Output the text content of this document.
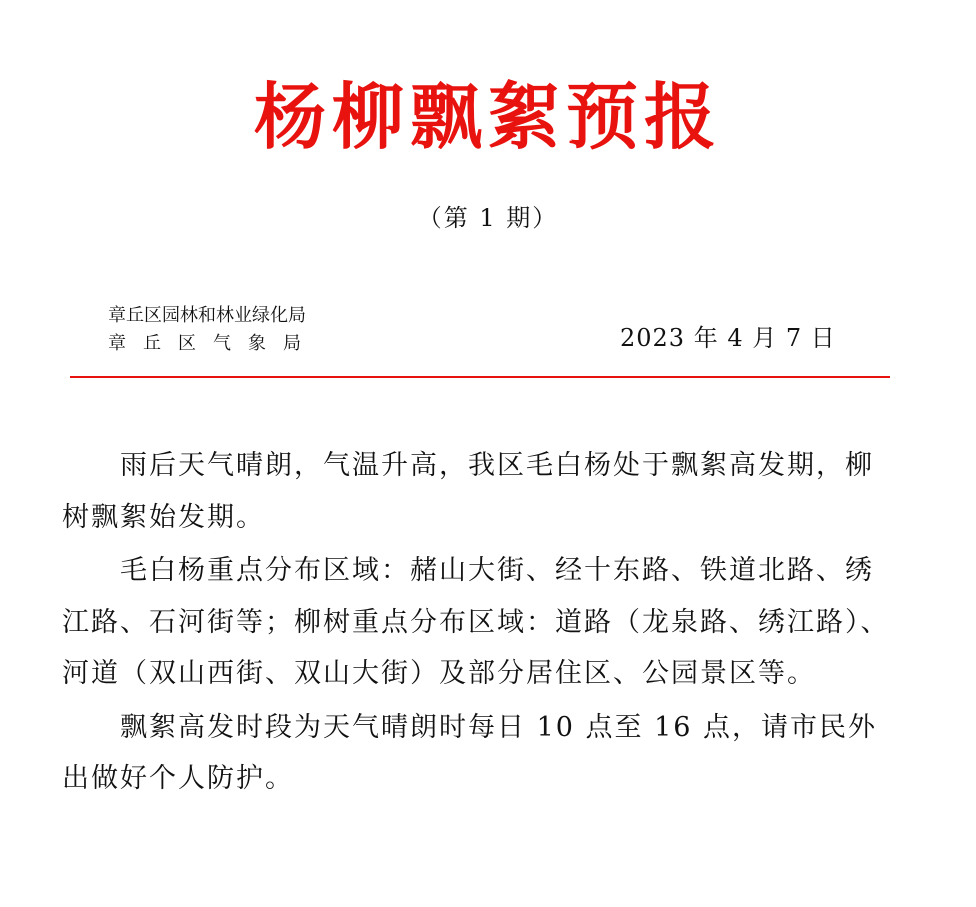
杨柳飘絮预报
（第 1 期）
章丘区园林和林业绿化局
章丘区气象局	2023 年 4 月 7 日

雨后天气晴朗，气温升高，我区毛白杨处于飘絮高发期，柳树飘絮始发期。

毛白杨重点分布区域：赭山大街、经十东路、铁道北路、绣江路、石河街等；柳树重点分布区域：道路（龙泉路、绣江路）、河道（双山西街、双山大街）及部分居住区、公园景区等。

飘絮高发时段为天气晴朗时每日 10 点至 16 点，请市民外出做好个人防护。
